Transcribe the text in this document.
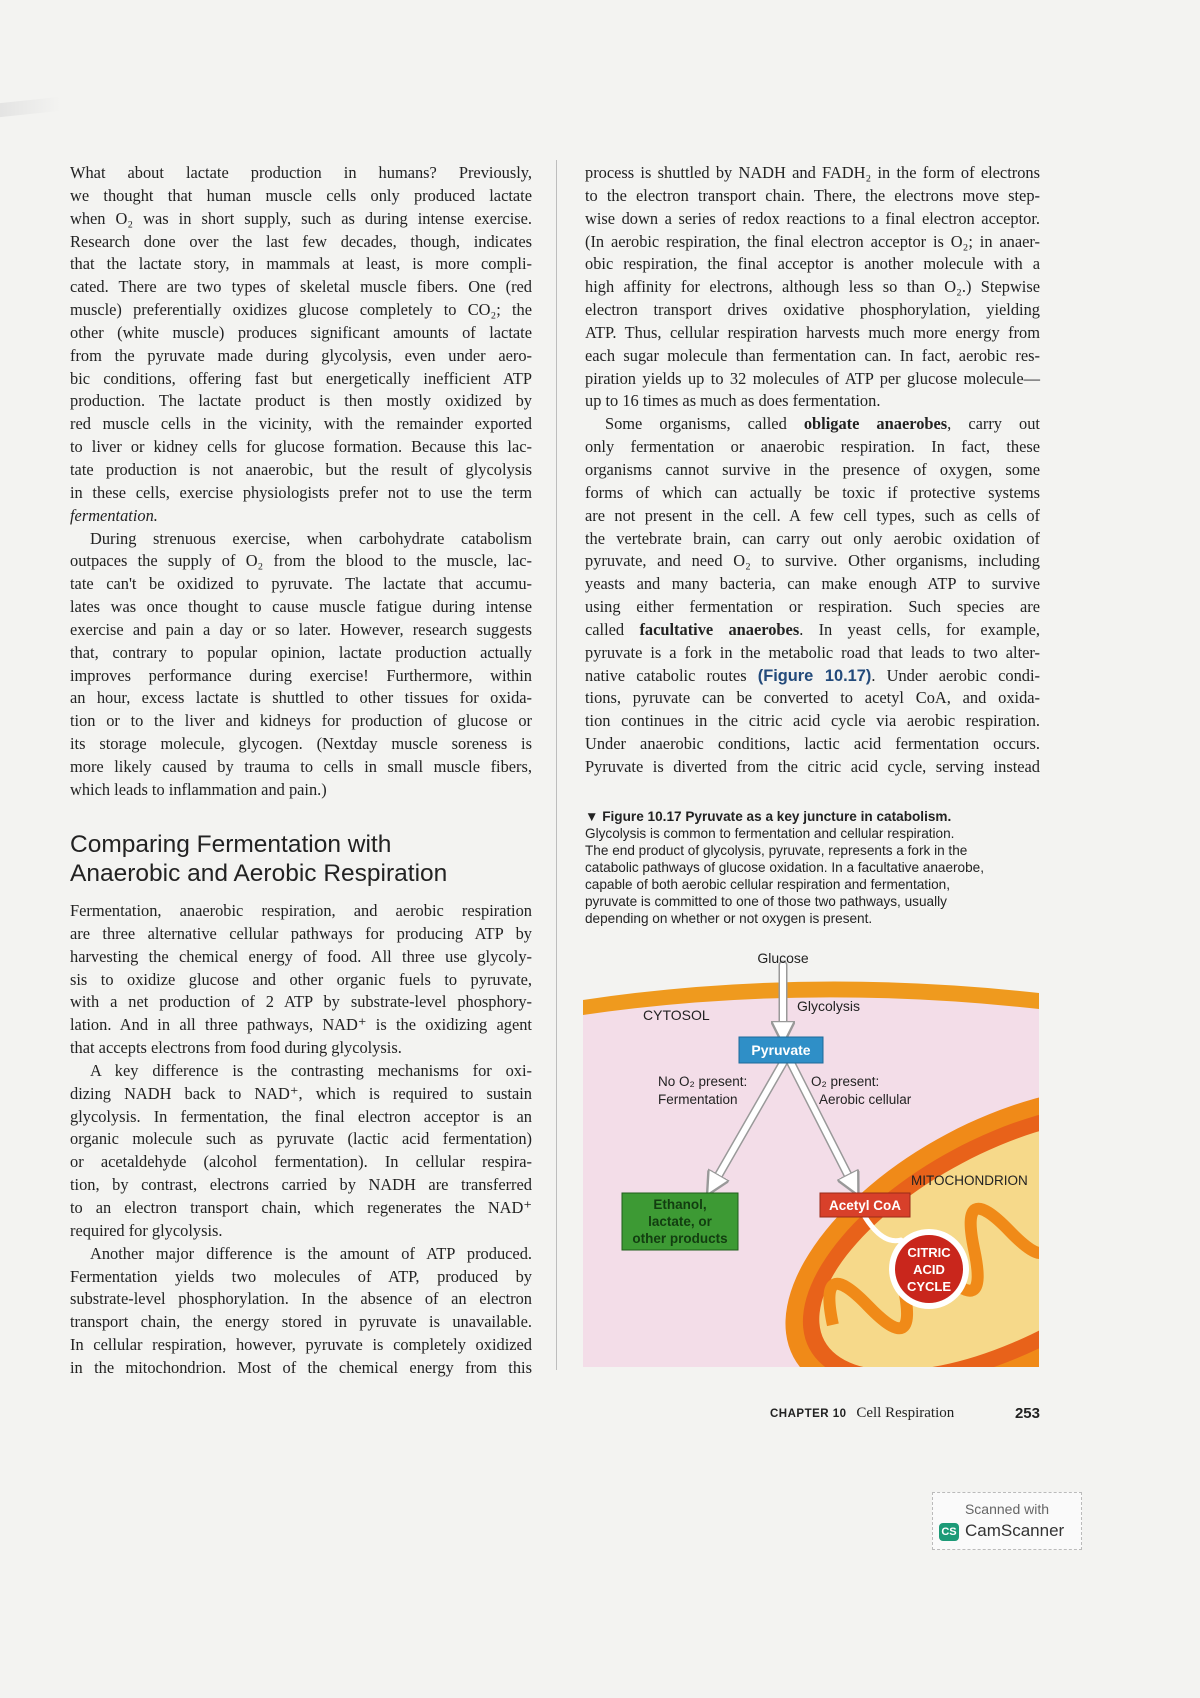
What about lactate production in humans? Previously,
we thought that human muscle cells only produced lactate
when O₂ was in short supply, such as during intense exercise.
Research done over the last few decades, though, indicates
that the lactate story, in mammals at least, is more compli-
cated. There are two types of skeletal muscle fibers. One (red
muscle) preferentially oxidizes glucose completely to CO₂; the
other (white muscle) produces significant amounts of lactate
from the pyruvate made during glycolysis, even under aero-
bic conditions, offering fast but energetically inefficient ATP
production. The lactate product is then mostly oxidized by
red muscle cells in the vicinity, with the remainder exported
to liver or kidney cells for glucose formation. Because this lac-
tate production is not anaerobic, but the result of glycolysis
in these cells, exercise physiologists prefer not to use the term
fermentation.
During strenuous exercise, when carbohydrate catabolism
outpaces the supply of O₂ from the blood to the muscle, lac-
tate can't be oxidized to pyruvate. The lactate that accumu-
lates was once thought to cause muscle fatigue during intense
exercise and pain a day or so later. However, research suggests
that, contrary to popular opinion, lactate production actually
improves performance during exercise! Furthermore, within
an hour, excess lactate is shuttled to other tissues for oxida-
tion or to the liver and kidneys for production of glucose or
its storage molecule, glycogen. (Nextday muscle soreness is
more likely caused by trauma to cells in small muscle fibers,
which leads to inflammation and pain.)
Comparing Fermentation with
Anaerobic and Aerobic Respiration
Fermentation, anaerobic respiration, and aerobic respiration
are three alternative cellular pathways for producing ATP by
harvesting the chemical energy of food. All three use glycoly-
sis to oxidize glucose and other organic fuels to pyruvate,
with a net production of 2 ATP by substrate-level phosphory-
lation. And in all three pathways, NAD⁺ is the oxidizing agent
that accepts electrons from food during glycolysis.
A key difference is the contrasting mechanisms for oxi-
dizing NADH back to NAD⁺, which is required to sustain
glycolysis. In fermentation, the final electron acceptor is an
organic molecule such as pyruvate (lactic acid fermentation)
or acetaldehyde (alcohol fermentation). In cellular respira-
tion, by contrast, electrons carried by NADH are transferred
to an electron transport chain, which regenerates the NAD⁺
required for glycolysis.
Another major difference is the amount of ATP produced.
Fermentation yields two molecules of ATP, produced by
substrate-level phosphorylation. In the absence of an electron
transport chain, the energy stored in pyruvate is unavailable.
In cellular respiration, however, pyruvate is completely oxidized
in the mitochondrion. Most of the chemical energy from this
process is shuttled by NADH and FADH₂ in the form of electrons
to the electron transport chain. There, the electrons move step-
wise down a series of redox reactions to a final electron acceptor.
(In aerobic respiration, the final electron acceptor is O₂; in anaer-
obic respiration, the final acceptor is another molecule with a
high affinity for electrons, although less so than O₂.) Stepwise
electron transport drives oxidative phosphorylation, yielding
ATP. Thus, cellular respiration harvests much more energy from
each sugar molecule than fermentation can. In fact, aerobic res-
piration yields up to 32 molecules of ATP per glucose molecule—
up to 16 times as much as does fermentation.
Some organisms, called obligate anaerobes, carry out
only fermentation or anaerobic respiration. In fact, these
organisms cannot survive in the presence of oxygen, some
forms of which can actually be toxic if protective systems
are not present in the cell. A few cell types, such as cells of
the vertebrate brain, can carry out only aerobic oxidation of
pyruvate, and need O₂ to survive. Other organisms, including
yeasts and many bacteria, can make enough ATP to survive
using either fermentation or respiration. Such species are
called facultative anaerobes. In yeast cells, for example,
pyruvate is a fork in the metabolic road that leads to two alter-
native catabolic routes (Figure 10.17). Under aerobic condi-
tions, pyruvate can be converted to acetyl CoA, and oxida-
tion continues in the citric acid cycle via aerobic respiration.
Under anaerobic conditions, lactic acid fermentation occurs.
Pyruvate is diverted from the citric acid cycle, serving instead
▼ Figure 10.17 Pyruvate as a key juncture in catabolism.
Glycolysis is common to fermentation and cellular respiration.
The end product of glycolysis, pyruvate, represents a fork in the
catabolic pathways of glucose oxidation. In a facultative anaerobe,
capable of both aerobic cellular respiration and fermentation,
pyruvate is committed to one of those two pathways, usually
depending on whether or not oxygen is present.
Glucose
Glycolysis
CYTOSOL
Pyruvate
No O₂ present:
Fermentation
O₂ present:
Aerobic cellular
MITOCHONDRION
Ethanol,
lactate, or
other products
Acetyl CoA
CITRIC
ACID
CYCLE
CHAPTER 10 Cell Respiration	253
Scanned with
CS CamScanner
